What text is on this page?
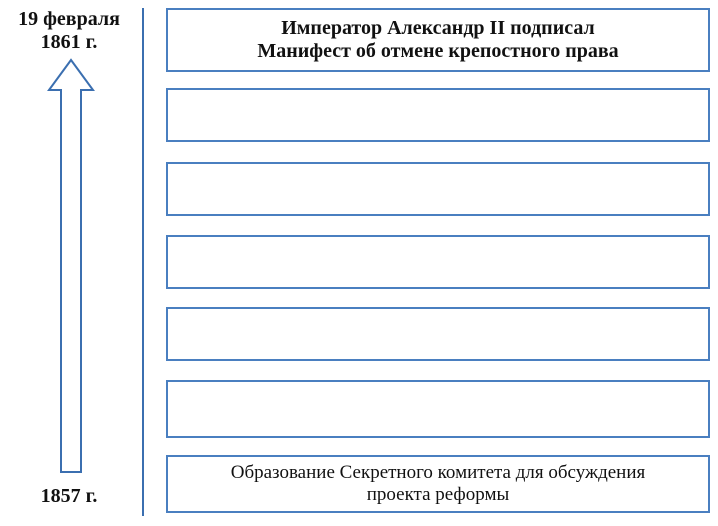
19 февраля
1861 г.
1857 г.
Император Александр II подписал
Манифест об отмене крепостного права
Образование Секретного комитета для обсуждения
проекта реформы
